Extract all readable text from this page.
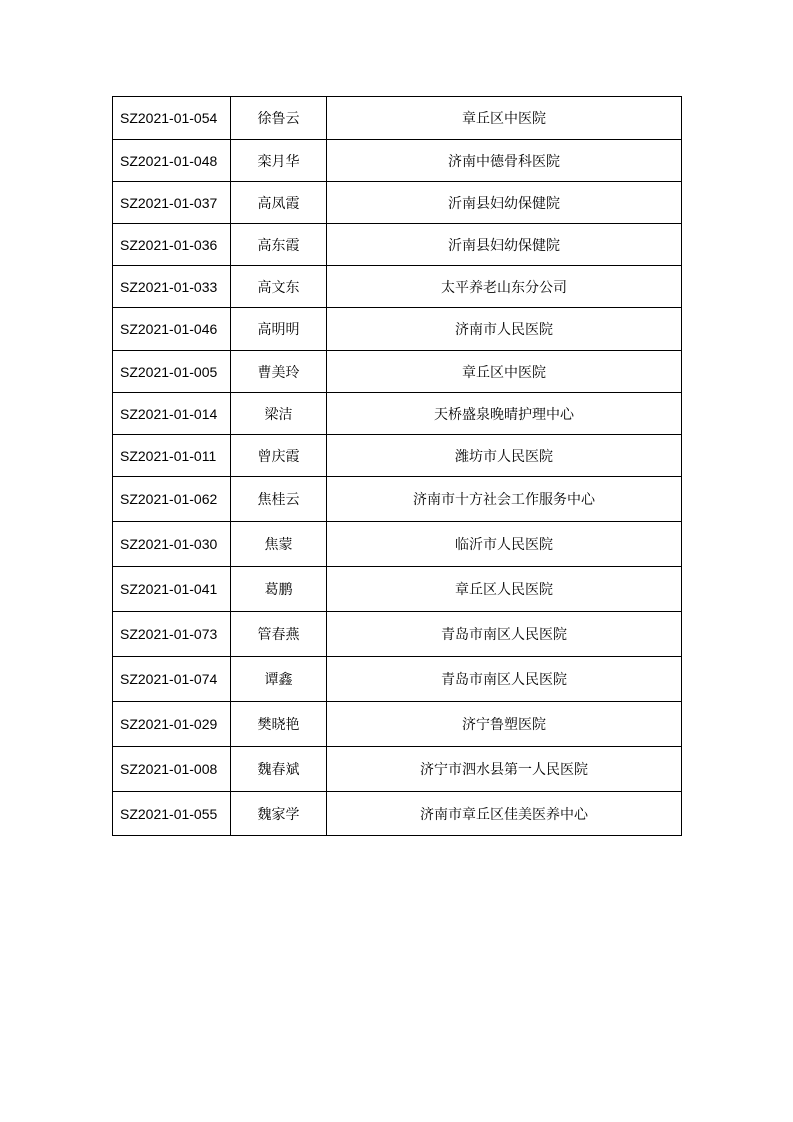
SZ2021-01-054	徐鲁云	章丘区中医院
SZ2021-01-048	栾月华	济南中德骨科医院
SZ2021-01-037	高凤霞	沂南县妇幼保健院
SZ2021-01-036	高东霞	沂南县妇幼保健院
SZ2021-01-033	高文东	太平养老山东分公司
SZ2021-01-046	高明明	济南市人民医院
SZ2021-01-005	曹美玲	章丘区中医院
SZ2021-01-014	梁洁	天桥盛泉晚晴护理中心
SZ2021-01-011	曾庆霞	潍坊市人民医院
SZ2021-01-062	焦桂云	济南市十方社会工作服务中心
SZ2021-01-030	焦蒙	临沂市人民医院
SZ2021-01-041	葛鹏	章丘区人民医院
SZ2021-01-073	管春燕	青岛市南区人民医院
SZ2021-01-074	谭鑫	青岛市南区人民医院
SZ2021-01-029	樊晓艳	济宁鲁塑医院
SZ2021-01-008	魏春斌	济宁市泗水县第一人民医院
SZ2021-01-055	魏家学	济南市章丘区佳美医养中心
